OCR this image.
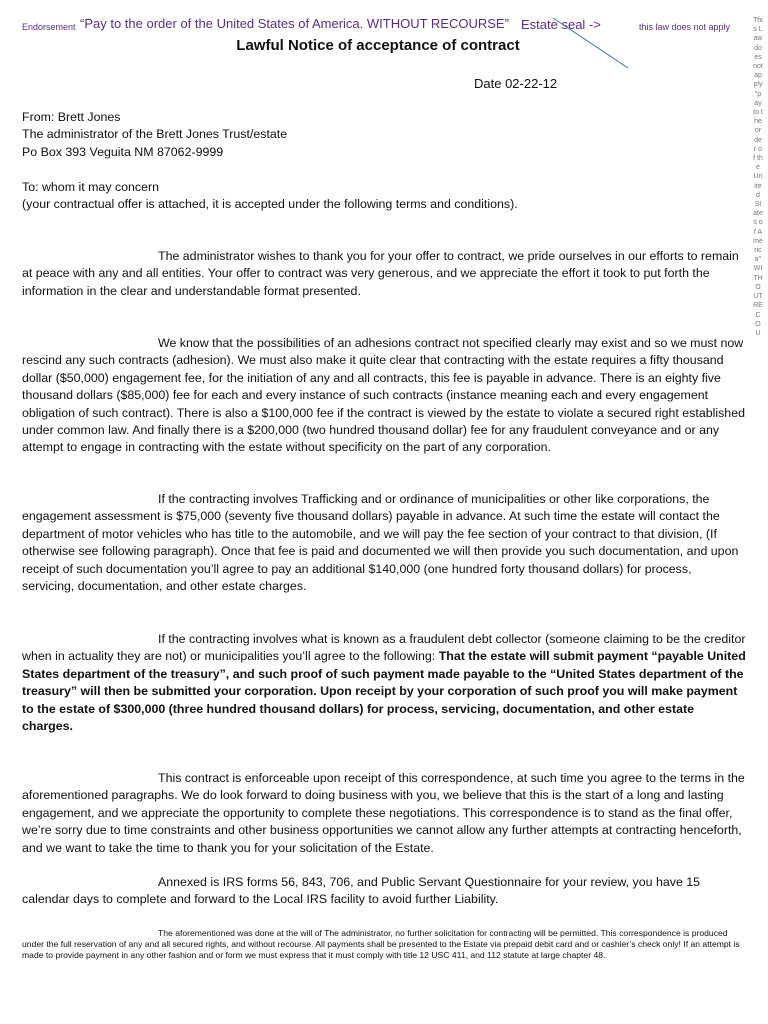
Endorsement “Pay to the order of the United States of America. WITHOUT RECOURSE” Estate seal ->	this law does not apply
Lawful Notice of acceptance of contract
Date 02-22-12

From: Brett Jones

The administrator of the Brett Jones Trust/estate

Po Box 393 Veguita NM 87062-9999

To: whom it may concern

(your contractual offer is attached, it is accepted under the following terms and conditions).

The administrator wishes to thank you for your offer to contract, we pride ourselves in our efforts to remain at peace with any and all entities. Your offer to contract was very generous, and we appreciate the effort it took to put forth the information in the clear and understandable format presented.

We know that the possibilities of an adhesions contract not specified clearly may exist and so we must now rescind any such contracts (adhesion). We must also make it quite clear that contracting with the estate requires a fifty thousand dollar ($50,000) engagement fee, for the initiation of any and all contracts, this fee is payable in advance. There is an eighty five thousand dollars ($85,000) fee for each and every instance of such contracts (instance meaning each and every engagement obligation of such contract). There is also a $100,000 fee if the contract is viewed by the estate to violate a secured right established under common law. And finally there is a $200,000 (two hundred thousand dollar) fee for any fraudulent conveyance and or any attempt to engage in contracting with the estate without specificity on the part of any corporation.

If the contracting involves Trafficking and or ordinance of municipalities or other like corporations, the engagement assessment is $75,000 (seventy five thousand dollars) payable in advance. At such time the estate will contact the department of motor vehicles who has title to the automobile, and we will pay the fee section of your contract to that division, (If otherwise see following paragraph). Once that fee is paid and documented we will then provide you such documentation, and upon receipt of such documentation you’ll agree to pay an additional $140,000 (one hundred forty thousand dollars) for process, servicing, documentation, and other estate charges.

If the contracting involves what is known as a fraudulent debt collector (someone claiming to be the creditor when in actuality they are not) or municipalities you’ll agree to the following: That the estate will submit payment “payable United States department of the treasury”, and such proof of such payment made payable to the “United States department of the treasury” will then be submitted your corporation. Upon receipt by your corporation of such proof you will make payment to the estate of $300,000 (three hundred thousand dollars) for process, servicing, documentation, and other estate charges.

This contract is enforceable upon receipt of this correspondence, at such time you agree to the terms in the aforementioned paragraphs. We do look forward to doing business with you, we believe that this is the start of a long and lasting engagement, and we appreciate the opportunity to complete these negotiations. This correspondence is to stand as the final offer, we’re sorry due to time constraints and other business opportunities we cannot allow any further attempts at contracting henceforth, and we want to take the time to thank you for your solicitation of the Estate.

Annexed is IRS forms 56, 843, 706, and Public Servant Questionnaire for your review, you have 15 calendar days to complete and forward to the Local IRS facility to avoid further Liability.

The aforementioned was done at the will of The administrator, no further solicitation for contracting will be permitted. This correspondence is produced under the full reservation of any and all secured rights, and without recourse. All payments shall be presented to the Estate via prepaid debit card and or cashier’s check only! If an attempt is made to provide payment in any other fashion and or form we must express that it must comply with title 12 USC 411, and 112 statute at large chapter 48.
This Law does not apply "pay to the order of the United States of America" WITHOUT RECOU
